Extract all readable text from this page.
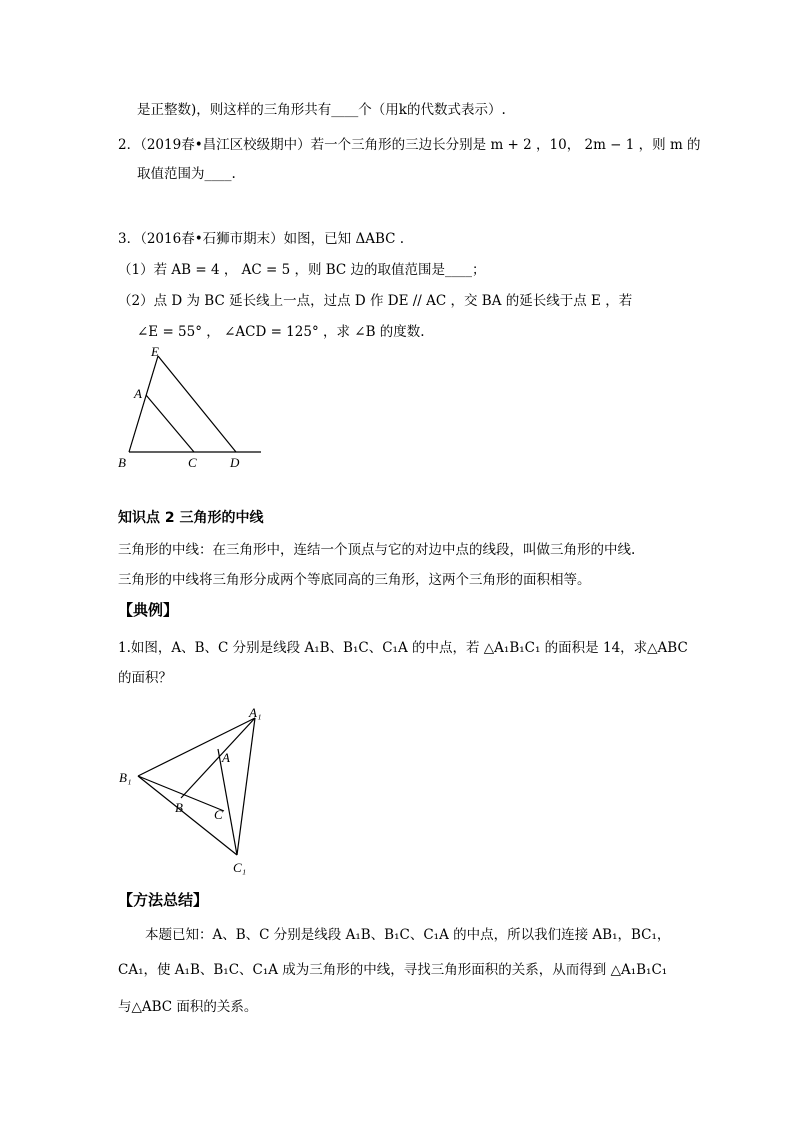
是正整数)，则这样的三角形共有____个（用k的代数式表示）.
2．（2019春•昌江区校级期中）若一个三角形的三边长分别是 m + 2 ，10， 2m − 1 ，则 m 的
取值范围为____.
3．（2016春•石狮市期末）如图，已知 ΔABC .
（1）若 AB = 4 ， AC = 5 ，则 BC 边的取值范围是____；
（2）点 D 为 BC 延长线上一点，过点 D 作 DE // AC ，交 BA 的延长线于点 E ，若
∠E = 55° ， ∠ACD = 125° ，求 ∠B 的度数.
E
A
B	C	D
知识点 2 三角形的中线
三角形的中线：在三角形中，连结一个顶点与它的对边中点的线段，叫做三角形的中线.
三角形的中线将三角形分成两个等底同高的三角形，这两个三角形的面积相等。
【典例】
1.如图，A、B、C 分别是线段 A₁B、B₁C、C₁A 的中点，若 △A₁B₁C₁ 的面积是 14，求△ABC
的面积？
A₁
B₁
C₁
A
B C
【方法总结】
本题已知：A、B、C 分别是线段 A₁B、B₁C、C₁A 的中点，所以我们连接 AB₁，BC₁，
CA₁，使 A₁B、B₁C、C₁A 成为三角形的中线，寻找三角形面积的关系，从而得到 △A₁B₁C₁
与△ABC 面积的关系。
